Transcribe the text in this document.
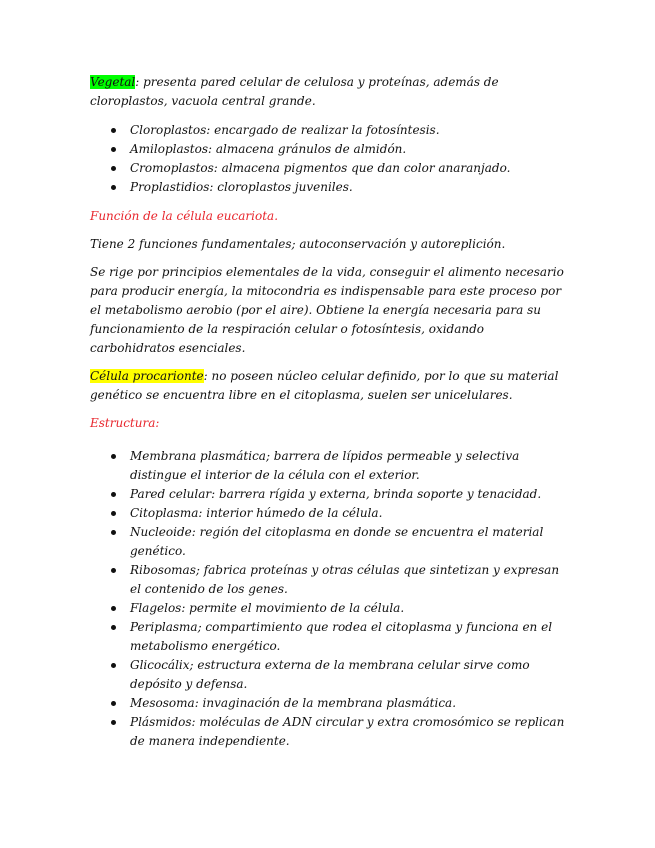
Vegetal: presenta pared celular de celulosa y proteínas, además de cloroplastos, vacuola central grande.

Cloroplastos: encargado de realizar la fotosíntesis.
Amiloplastos: almacena gránulos de almidón.
Cromoplastos: almacena pigmentos que dan color anaranjado.
Proplastidios: cloroplastos juveniles.

Función de la célula eucariota.

Tiene 2 funciones fundamentales; autoconservación y autoreplición.

Se rige por principios elementales de la vida, conseguir el alimento necesario para producir energía, la mitocondria es indispensable para este proceso por el metabolismo aerobio (por el aire). Obtiene la energía necesaria para su funcionamiento de la respiración celular o fotosíntesis, oxidando carbohidratos esenciales.

Célula procarionte: no poseen núcleo celular definido, por lo que su material genético se encuentra libre en el citoplasma, suelen ser unicelulares.

Estructura:

Membrana plasmática; barrera de lípidos permeable y selectiva distingue el interior de la célula con el exterior.
Pared celular: barrera rígida y externa, brinda soporte y tenacidad.
Citoplasma: interior húmedo de la célula.
Nucleoide: región del citoplasma en donde se encuentra el material genético.
Ribosomas; fabrica proteínas y otras células que sintetizan y expresan el contenido de los genes.
Flagelos: permite el movimiento de la célula.
Periplasma; compartimiento que rodea el citoplasma y funciona en el metabolismo energético.
Glicocálix; estructura externa de la membrana celular sirve como depósito y defensa.
Mesosoma: invaginación de la membrana plasmática.
Plásmidos: moléculas de ADN circular y extra cromosómico se replican de manera independiente.
